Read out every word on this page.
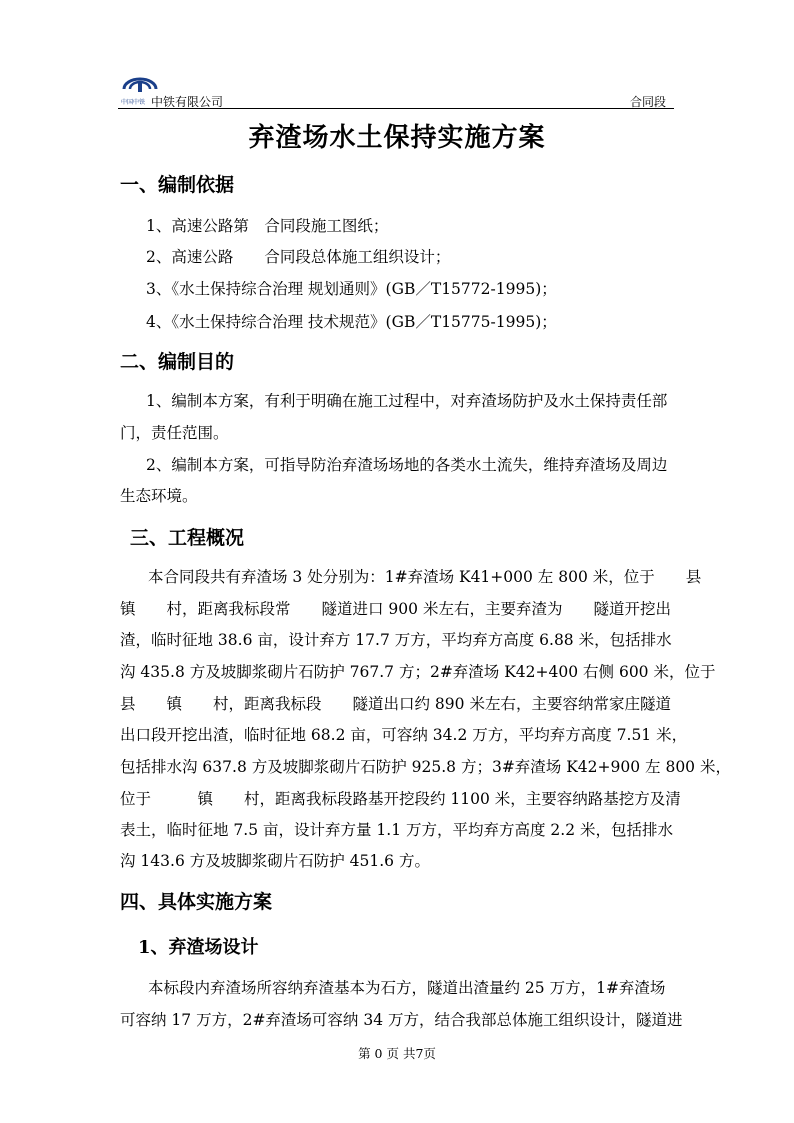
中国中铁 中铁有限公司	合同段
弃渣场水土保持实施方案
一、编制依据
1、高速公路第　合同段施工图纸；
2、高速公路　　合同段总体施工组织设计；
3、《水土保持综合治理 规划通则》(GB／T15772-1995)；
4、《水土保持综合治理 技术规范》(GB／T15775-1995)；
二、编制目的
1、编制本方案，有利于明确在施工过程中，对弃渣场防护及水土保持责任部
门，责任范围。
2、编制本方案，可指导防治弃渣场场地的各类水土流失，维持弃渣场及周边
生态环境。
三、工程概况
本合同段共有弃渣场 3 处分别为：1#弃渣场 K41+000 左 800 米，位于　　县
镇　　村，距离我标段常　　隧道进口 900 米左右，主要弃渣为　　隧道开挖出
渣，临时征地 38.6 亩，设计弃方 17.7 万方，平均弃方高度 6.88 米，包括排水
沟 435.8 方及坡脚浆砌片石防护 767.7 方；2#弃渣场 K42+400 右侧 600 米，位于
县　　镇　　村，距离我标段　　隧道出口约 890 米左右，主要容纳常家庄隧道
出口段开挖出渣，临时征地 68.2 亩，可容纳 34.2 万方，平均弃方高度 7.51 米，
包括排水沟 637.8 方及坡脚浆砌片石防护 925.8 方；3#弃渣场 K42+900 左 800 米，
位于　　　镇　　村，距离我标段路基开挖段约 1100 米，主要容纳路基挖方及清
表土，临时征地 7.5 亩，设计弃方量 1.1 万方，平均弃方高度 2.2 米，包括排水
沟 143.6 方及坡脚浆砌片石防护 451.6 方。
四、具体实施方案
1、弃渣场设计
本标段内弃渣场所容纳弃渣基本为石方，隧道出渣量约 25 万方，1#弃渣场
可容纳 17 万方，2#弃渣场可容纳 34 万方，结合我部总体施工组织设计，隧道进
第 0 页 共7页
